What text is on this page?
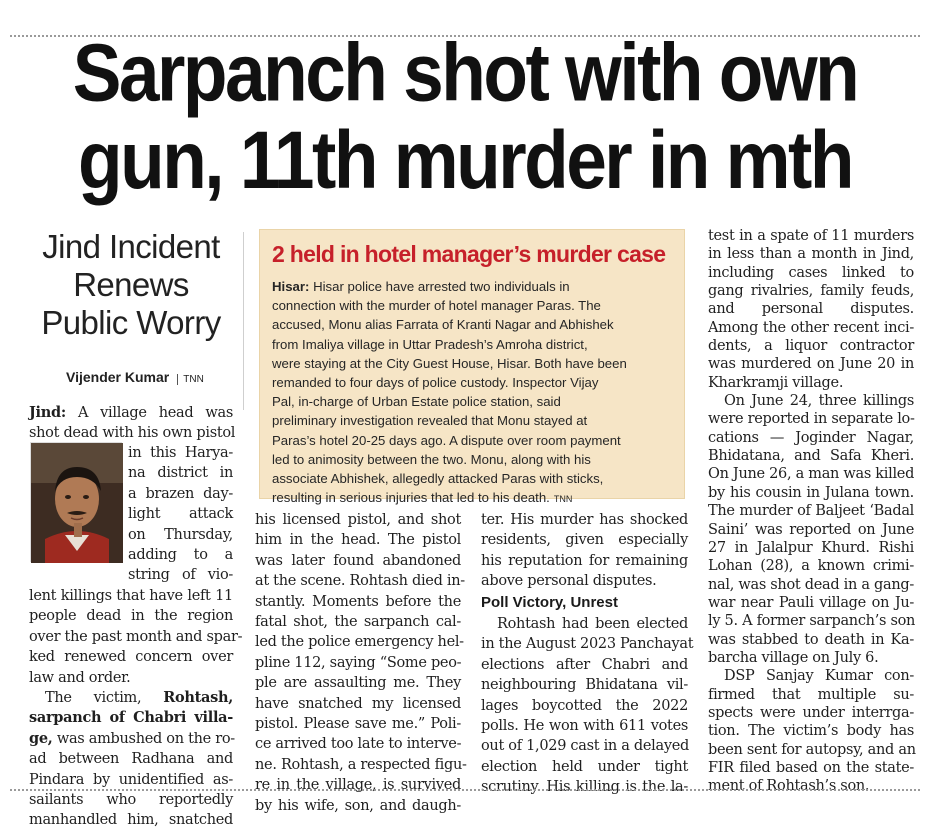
Sarpanch shot with own
gun, 11th murder in mth
Jind Incident
Renews
Public Worry
Vijender Kumar TNN
Jind: A village head was
shot dead with his own pistol
in this Harya-
na district in
a brazen day-
light attack
on Thursday,
adding to a
string of vio-
lent killings that have left 11
people dead in the region
over the past month and spar-
ked renewed concern over
law and order.
The victim, Rohtash,
sarpanch of Chabri villa-
ge, was ambushed on the ro-
ad between Radhana and
Pindara by unidentified as-
sailants who reportedly
manhandled him, snatched
2 held in hotel manager’s murder case
Hisar: Hisar police have arrested two individuals in
connection with the murder of hotel manager Paras. The
accused, Monu alias Farrata of Kranti Nagar and Abhishek
from Imaliya village in Uttar Pradesh’s Amroha district,
were staying at the City Guest House, Hisar. Both have been
remanded to four days of police custody. Inspector Vijay
Pal, in-charge of Urban Estate police station, said
preliminary investigation revealed that Monu stayed at
Paras’s hotel 20-25 days ago. A dispute over room payment
led to animosity between the two. Monu, along with his
associate Abhishek, allegedly attacked Paras with sticks,
resulting in serious injuries that led to his death. TNN
his licensed pistol, and shot
him in the head. The pistol
was later found abandoned
at the scene. Rohtash died in-
stantly. Moments before the
fatal shot, the sarpanch cal-
led the police emergency hel-
pline 112, saying “Some peo-
ple are assaulting me. They
have snatched my licensed
pistol. Please save me.” Poli-
ce arrived too late to interve-
ne. Rohtash, a respected figu-
re in the village, is survived
by his wife, son, and daugh-
ter. His murder has shocked
residents, given especially
his reputation for remaining
above personal disputes.
Poll Victory, Unrest
Rohtash had been elected
in the August 2023 Panchayat
elections after Chabri and
neighbouring Bhidatana vil-
lages boycotted the 2022
polls. He won with 611 votes
out of 1,029 cast in a delayed
election held under tight
scrutiny. His killing is the la-
test in a spate of 11 murders
in less than a month in Jind,
including cases linked to
gang rivalries, family feuds,
and personal disputes.
Among the other recent inci-
dents, a liquor contractor
was murdered on June 20 in
Kharkramji village.
On June 24, three killings
were reported in separate lo-
cations — Joginder Nagar,
Bhidatana, and Safa Kheri.
On June 26, a man was killed
by his cousin in Julana town.
The murder of Baljeet ‘Badal
Saini’ was reported on June
27 in Jalalpur Khurd. Rishi
Lohan (28), a known crimi-
nal, was shot dead in a gang-
war near Pauli village on Ju-
ly 5. A former sarpanch’s son
was stabbed to death in Ka-
barcha village on July 6.
DSP Sanjay Kumar con-
firmed that multiple su-
spects were under interrga-
tion. The victim’s body has
been sent for autopsy, and an
FIR filed based on the state-
ment of Rohtash’s son.
